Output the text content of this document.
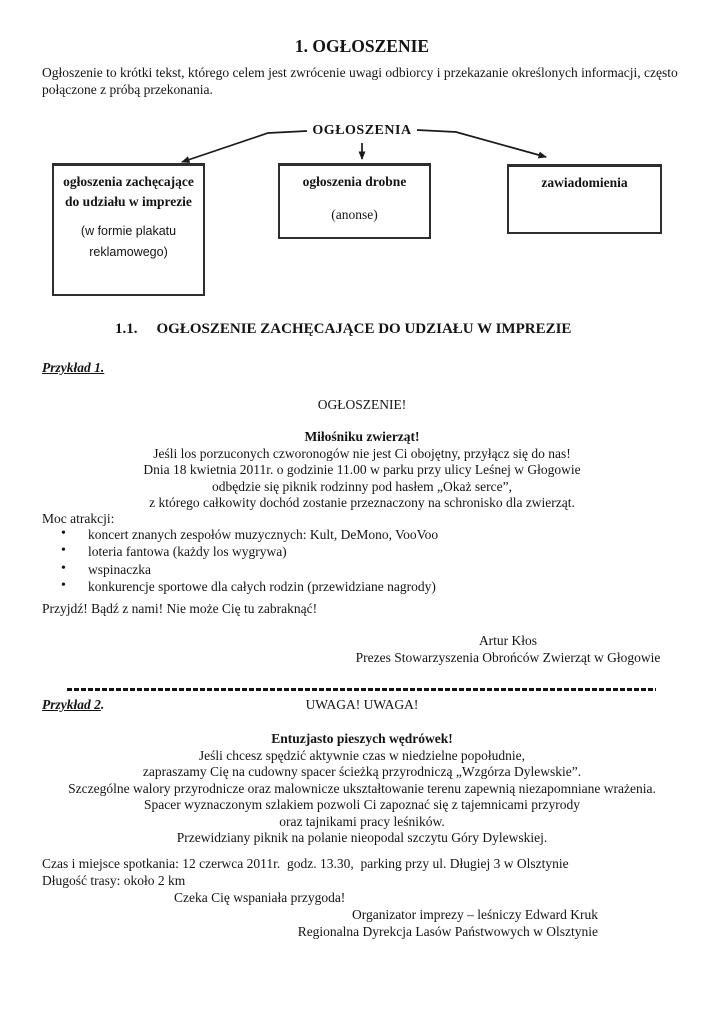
1. OGŁOSZENIE

Ogłoszenie to krótki tekst, którego celem jest zwrócenie uwagi odbiorcy i przekazanie określonych informacji, często połączone z próbą przekonania.

OGŁOSZENIA
ogłoszenia zachęcające do udziału w imprezie
(w formie plakatu reklamowego)
ogłoszenia drobne
(anonse)
zawiadomienia
1.1. OGŁOSZENIE ZACHĘCAJĄCE DO UDZIAŁU W IMPREZIE
Przykład 1.
OGŁOSZENIE!
Miłośniku zwierząt!
Jeśli los porzuconych czworonogów nie jest Ci obojętny, przyłącz się do nas!
Dnia 18 kwietnia 2011r. o godzinie 11.00 w parku przy ulicy Leśnej w Głogowie
odbędzie się piknik rodzinny pod hasłem „Okaż serce”,
z którego całkowity dochód zostanie przeznaczony na schronisko dla zwierząt.
Moc atrakcji:
• koncert znanych zespołów muzycznych: Kult, DeMono, VooVoo
• loteria fantowa (każdy los wygrywa)
• wspinaczka
• konkurencje sportowe dla całych rodzin (przewidziane nagrody)
Przyjdź! Bądź z nami! Nie może Cię tu zabraknąć!
Artur Kłos
Prezes Stowarzyszenia Obrońców Zwierząt w Głogowie
Przykład 2.	UWAGA! UWAGA!
Entuzjasto pieszych wędrówek!
Jeśli chcesz spędzić aktywnie czas w niedzielne popołudnie,
zapraszamy Cię na cudowny spacer ścieżką przyrodniczą „Wzgórza Dylewskie”.
Szczególne walory przyrodnicze oraz malownicze ukształtowanie terenu zapewnią niezapomniane wrażenia.
Spacer wyznaczonym szlakiem pozwoli Ci zapoznać się z tajemnicami przyrody
oraz tajnikami pracy leśników.
Przewidziany piknik na polanie nieopodal szczytu Góry Dylewskiej.
Czas i miejsce spotkania: 12 czerwca 2011r.  godz. 13.30,  parking przy ul. Długiej 3 w Olsztynie
Długość trasy: około 2 km
Czeka Cię wspaniała przygoda!
Organizator imprezy – leśniczy Edward Kruk
Regionalna Dyrekcja Lasów Państwowych w Olsztynie
